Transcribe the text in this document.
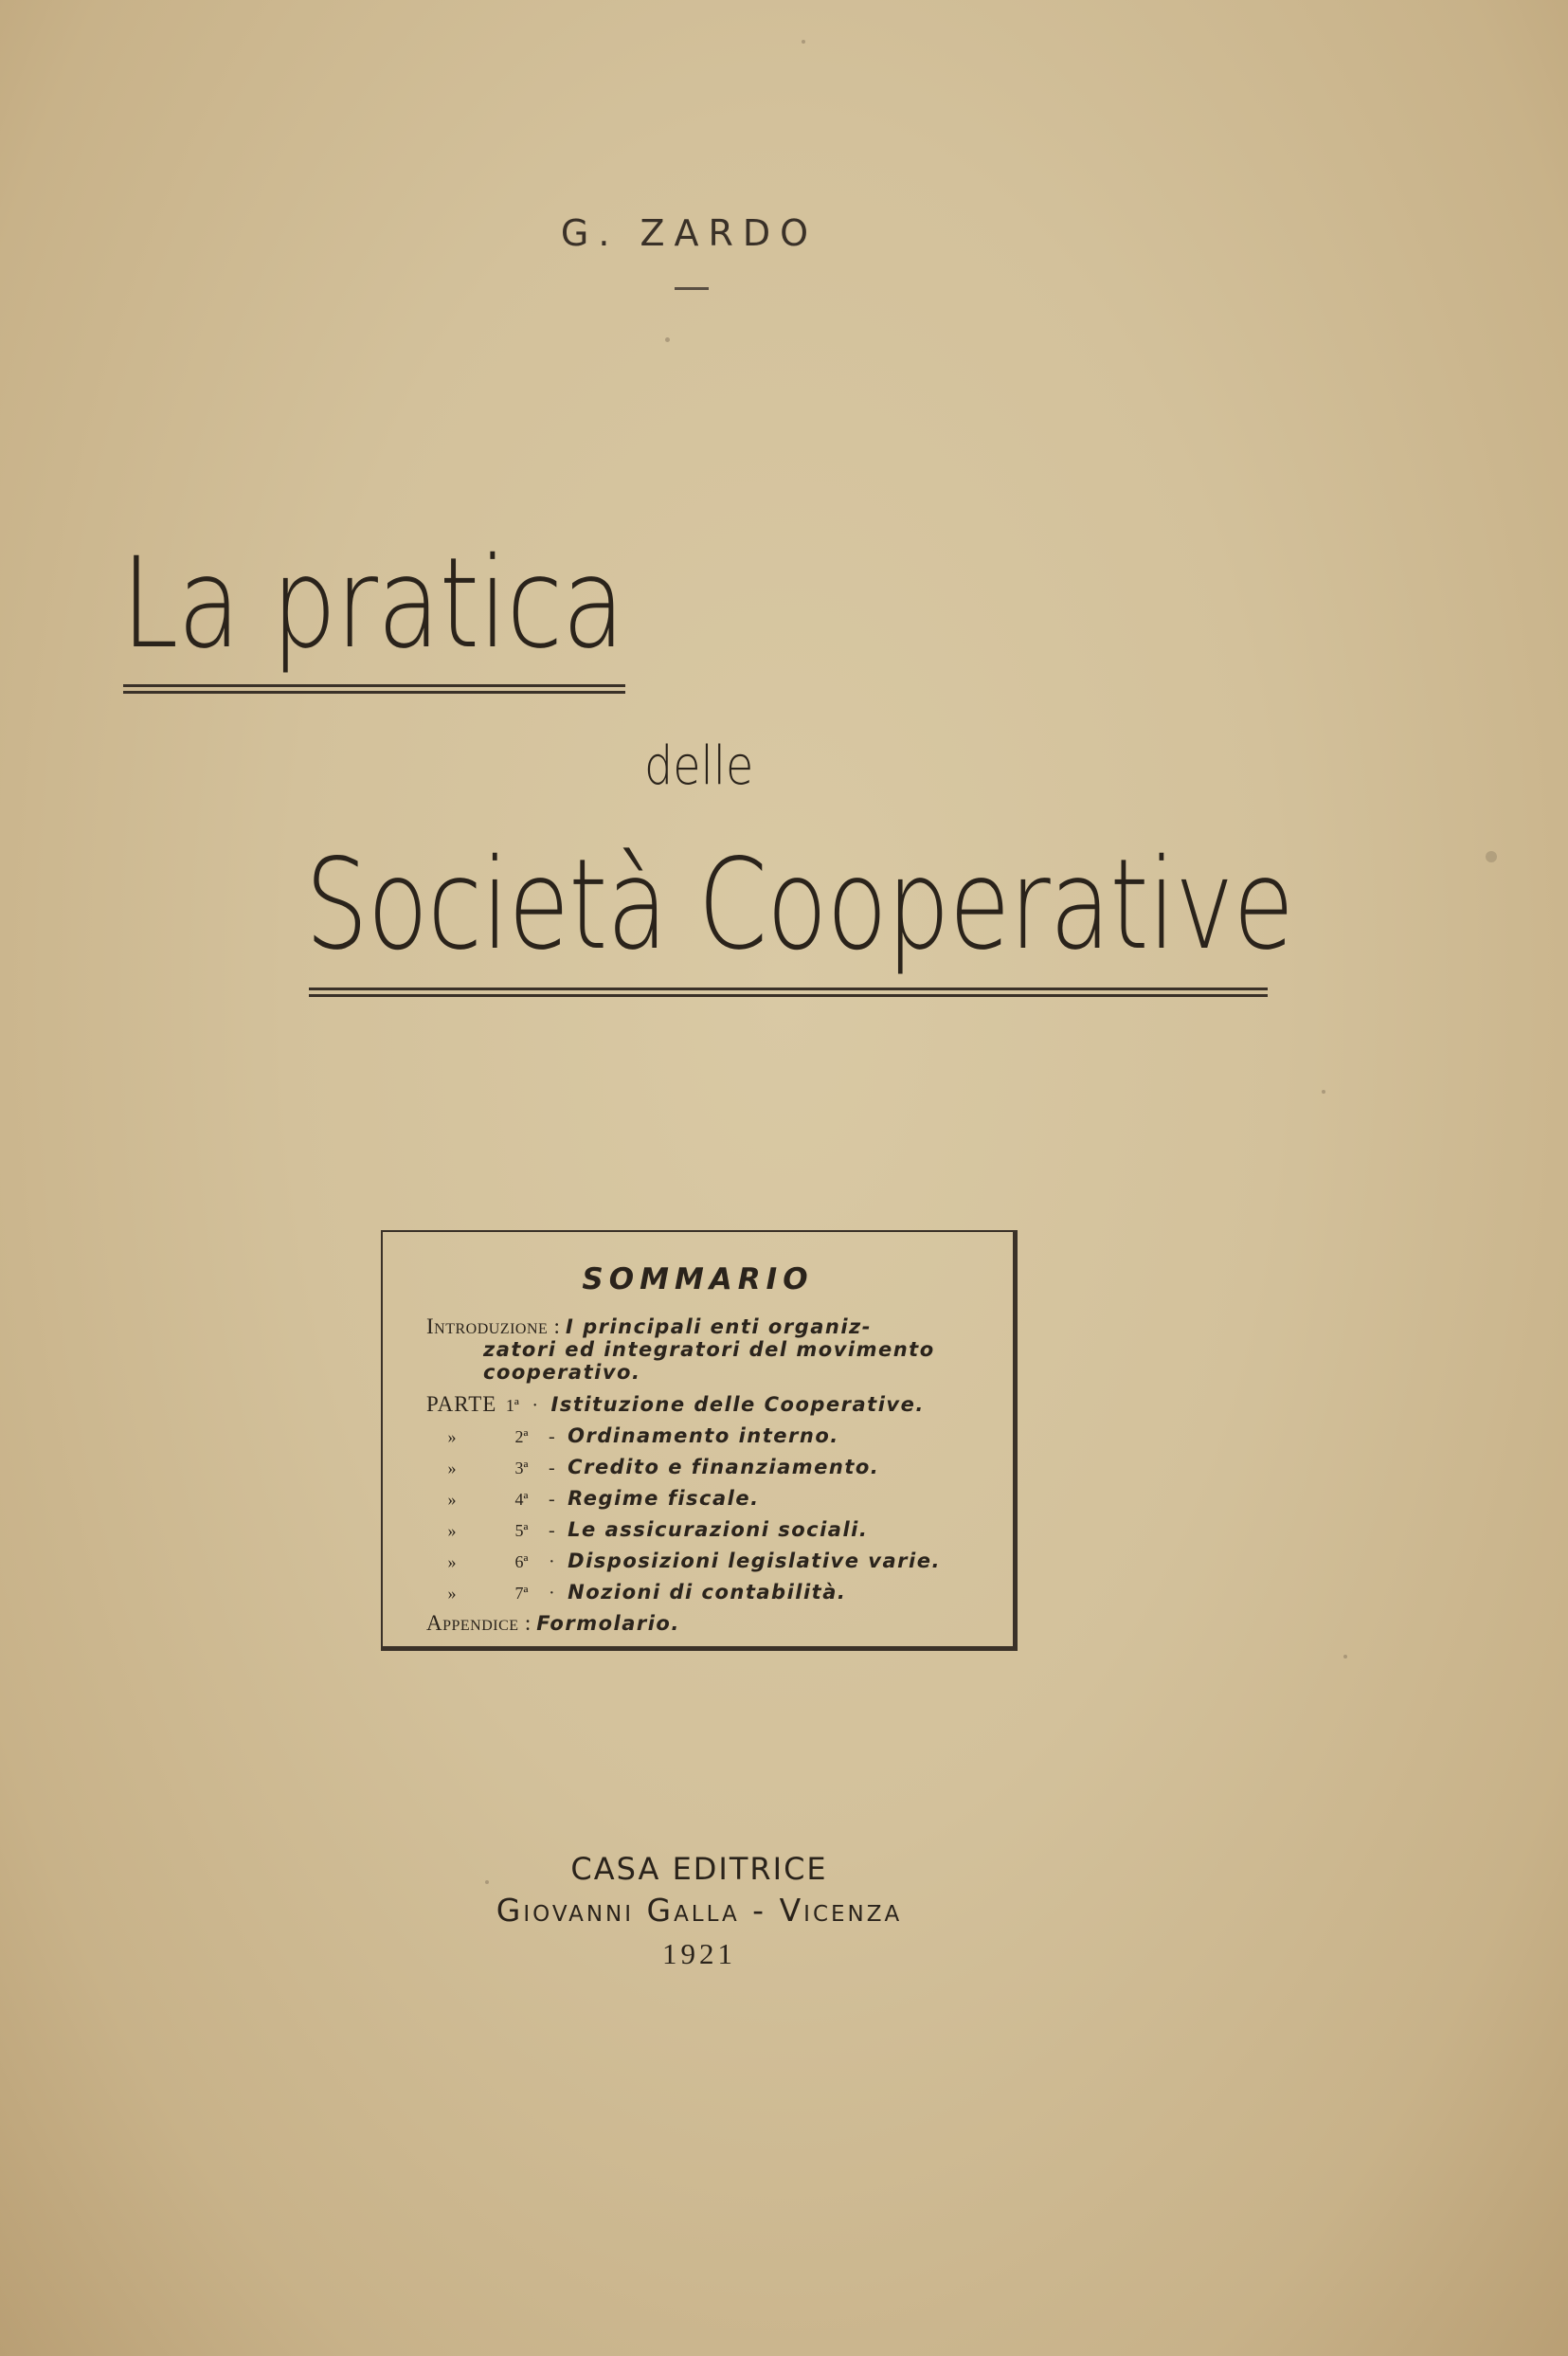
G. ZARDO
La pratica
delle
Società Cooperative
SOMMARIO
Introduzione : I principali enti organiz-
zatori ed integratori del movimento
cooperativo.
PARTE 1ª · Istituzione delle Cooperative.
»	2ª - Ordinamento interno.
»	3ª - Credito e finanziamento.
»	4ª - Regime fiscale.
»	5ª - Le assicurazioni sociali.
»	6ª · Disposizioni legislative varie.
»	7ª · Nozioni di contabilità.
Appendice : Formolario.
CASA EDITRICE
Giovanni Galla - Vicenza
1921
